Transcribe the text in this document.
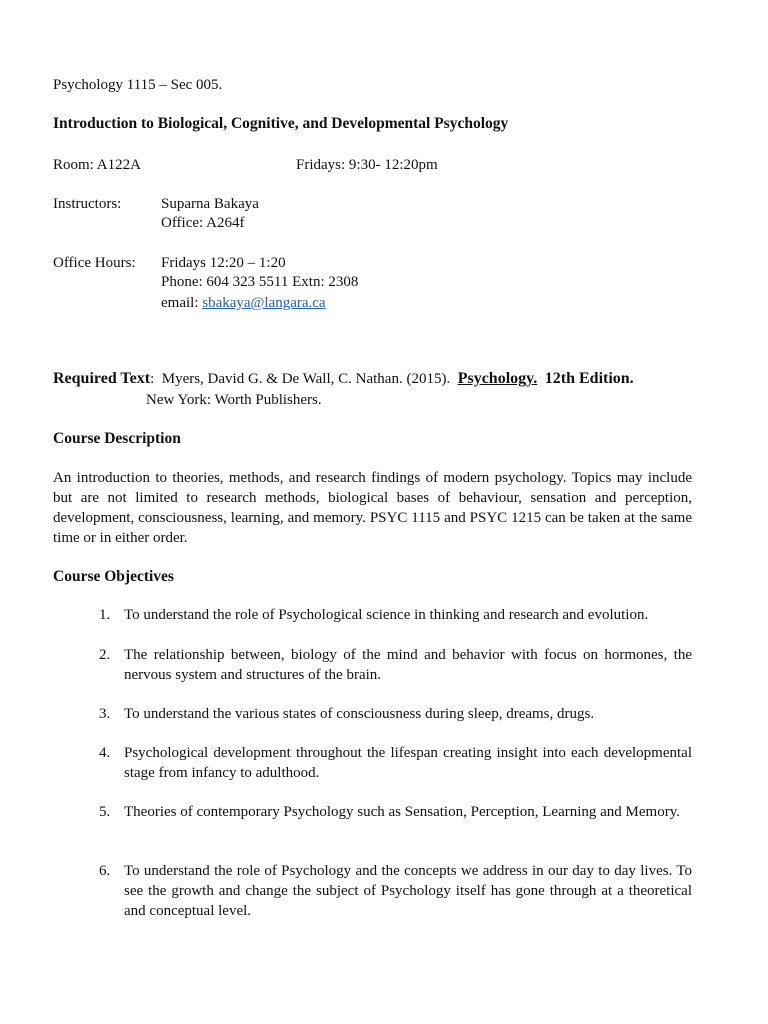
Psychology 1115 – Sec 005.
Introduction to Biological, Cognitive, and Developmental Psychology
Room: A122A	Fridays: 9:30- 12:20pm
Instructors:	Suparna Bakaya
Office: A264f
Office Hours: Fridays 12:20 – 1:20
Phone: 604 323 5511 Extn: 2308
email: sbakaya@langara.ca
Required Text: Myers, David G. & De Wall, C. Nathan. (2015). Psychology. 12th Edition.
New York: Worth Publishers.
Course Description
An introduction to theories, methods, and research findings of modern psychology. Topics may include but are not limited to research methods, biological bases of behaviour, sensation and perception, development, consciousness, learning, and memory. PSYC 1115 and PSYC 1215 can be taken at the same time or in either order.
Course Objectives
1. To understand the role of Psychological science in thinking and research and evolution.
2. The relationship between, biology of the mind and behavior with focus on hormones, the nervous system and structures of the brain.
3. To understand the various states of consciousness during sleep, dreams, drugs.
4. Psychological development throughout the lifespan creating insight into each developmental stage from infancy to adulthood.
5. Theories of contemporary Psychology such as Sensation, Perception, Learning and Memory.
6. To understand the role of Psychology and the concepts we address in our day to day lives. To see the growth and change the subject of Psychology itself has gone through at a theoretical and conceptual level.
